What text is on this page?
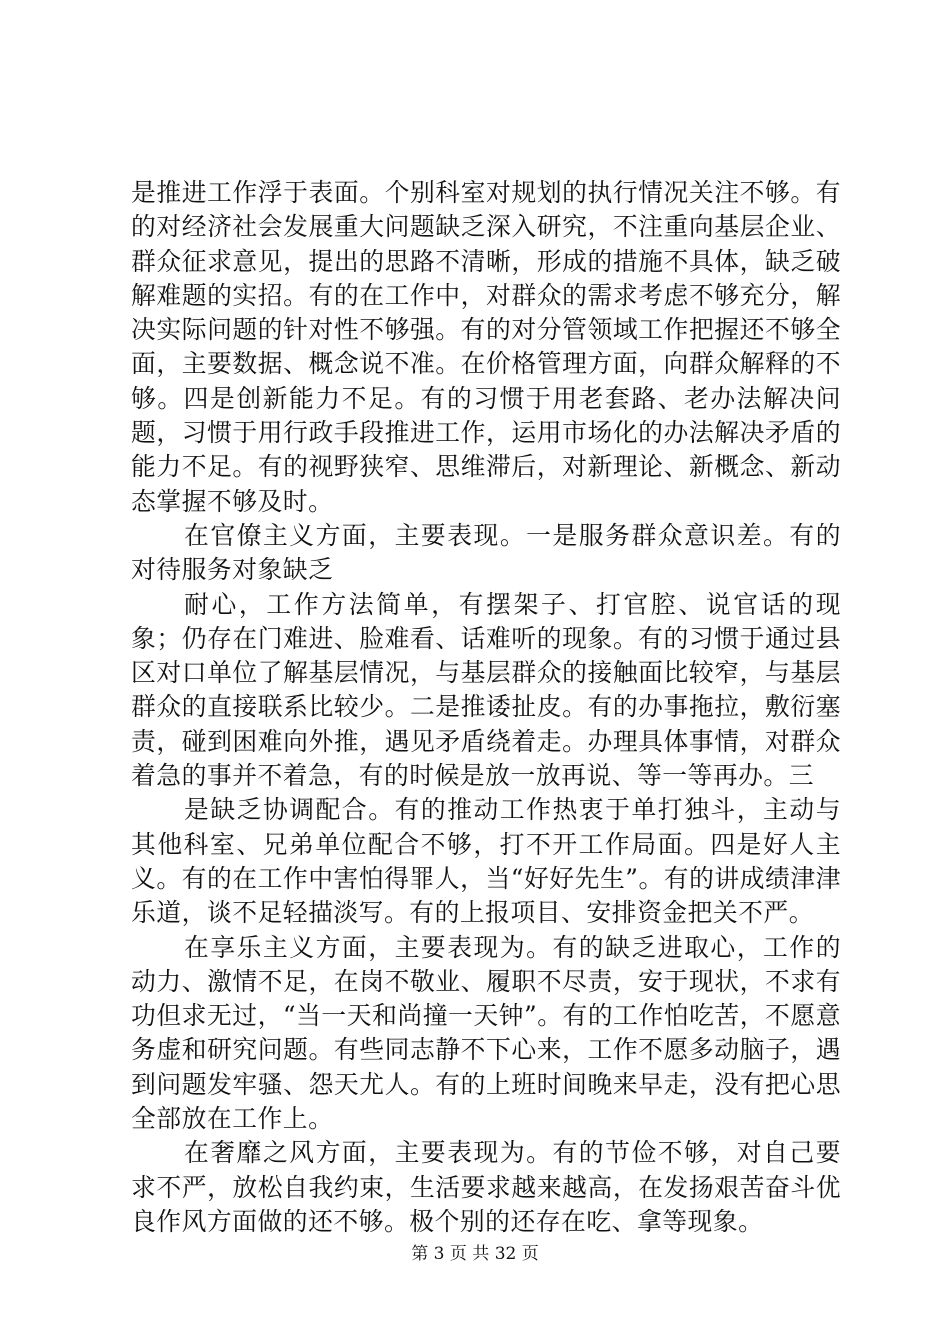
是推进工作浮于表面。个别科室对规划的执行情况关注不够。有的对经济社会发展重大问题缺乏深入研究，不注重向基层企业、群众征求意见，提出的思路不清晰，形成的措施不具体，缺乏破解难题的实招。有的在工作中，对群众的需求考虑不够充分，解决实际问题的针对性不够强。有的对分管领域工作把握还不够全面，主要数据、概念说不准。在价格管理方面，向群众解释的不够。四是创新能力不足。有的习惯于用老套路、老办法解决问题，习惯于用行政手段推进工作，运用市场化的办法解决矛盾的能力不足。有的视野狭窄、思维滞后，对新理论、新概念、新动态掌握不够及时。

在官僚主义方面，主要表现。一是服务群众意识差。有的对待服务对象缺乏

耐心，工作方法简单，有摆架子、打官腔、说官话的现象；仍存在门难进、脸难看、话难听的现象。有的习惯于通过县区对口单位了解基层情况，与基层群众的接触面比较窄，与基层群众的直接联系比较少。二是推诿扯皮。有的办事拖拉，敷衍塞责，碰到困难向外推，遇见矛盾绕着走。办理具体事情，对群众着急的事并不着急，有的时候是放一放再说、等一等再办。三

是缺乏协调配合。有的推动工作热衷于单打独斗，主动与其他科室、兄弟单位配合不够，打不开工作局面。四是好人主义。有的在工作中害怕得罪人，当“好好先生”。有的讲成绩津津乐道，谈不足轻描淡写。有的上报项目、安排资金把关不严。

在享乐主义方面，主要表现为。有的缺乏进取心，工作的动力、激情不足，在岗不敬业、履职不尽责，安于现状，不求有功但求无过，“当一天和尚撞一天钟”。有的工作怕吃苦，不愿意务虚和研究问题。有些同志静不下心来，工作不愿多动脑子，遇到问题发牢骚、怨天尤人。有的上班时间晚来早走，没有把心思全部放在工作上。

在奢靡之风方面，主要表现为。有的节俭不够，对自己要求不严，放松自我约束，生活要求越来越高，在发扬艰苦奋斗优良作风方面做的还不够。极个别的还存在吃、拿等现象。

第 3 页 共 32 页
